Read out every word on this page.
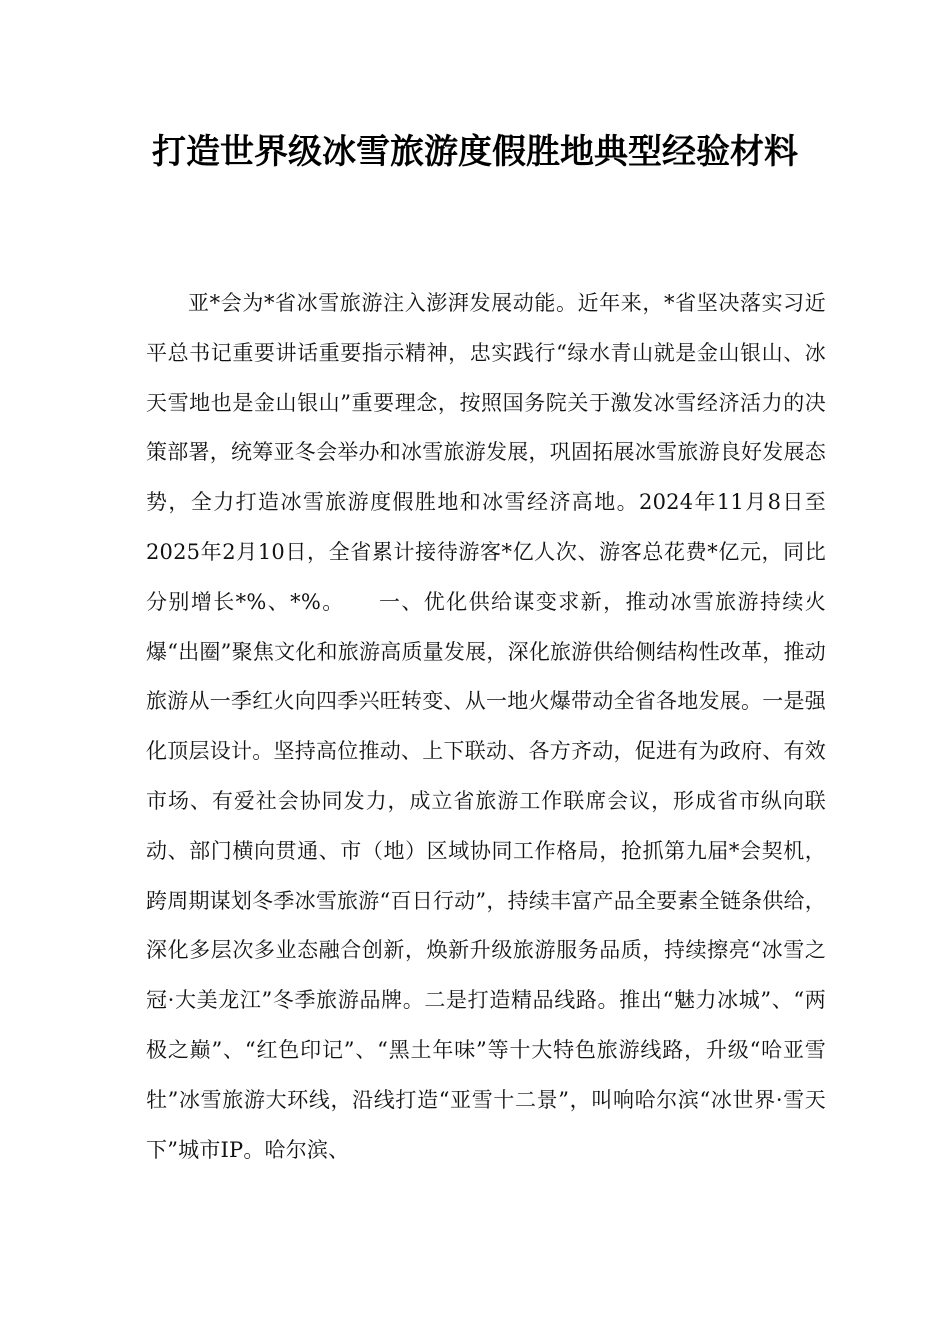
打造世界级冰雪旅游度假胜地典型经验材料

亚*会为*省冰雪旅游注入澎湃发展动能。近年来，*省坚决落实习近平总书记重要讲话重要指示精神，忠实践行“绿水青山就是金山银山、冰天雪地也是金山银山”重要理念，按照国务院关于激发冰雪经济活力的决策部署，统筹亚冬会举办和冰雪旅游发展，巩固拓展冰雪旅游良好发展态势，全力打造冰雪旅游度假胜地和冰雪经济高地。2024年11月8日至2025年2月10日，全省累计接待游客*亿人次、游客总花费*亿元，同比分别增长*%、*%。　　一、优化供给谋变求新，推动冰雪旅游持续火爆“出圈”聚焦文化和旅游高质量发展，深化旅游供给侧结构性改革，推动旅游从一季红火向四季兴旺转变、从一地火爆带动全省各地发展。一是强化顶层设计。坚持高位推动、上下联动、各方齐动，促进有为政府、有效市场、有爱社会协同发力，成立省旅游工作联席会议，形成省市纵向联动、部门横向贯通、市（地）区域协同工作格局，抢抓第九届*会契机，跨周期谋划冬季冰雪旅游“百日行动”，持续丰富产品全要素全链条供给，深化多层次多业态融合创新，焕新升级旅游服务品质，持续擦亮“冰雪之冠·大美龙江”冬季旅游品牌。二是打造精品线路。推出“魅力冰城”、“两极之巅”、“红色印记”、“黑土年味”等十大特色旅游线路，升级“哈亚雪牡”冰雪旅游大环线，沿线打造“亚雪十二景”，叫响哈尔滨“冰世界·雪天下”城市IP。哈尔滨、
